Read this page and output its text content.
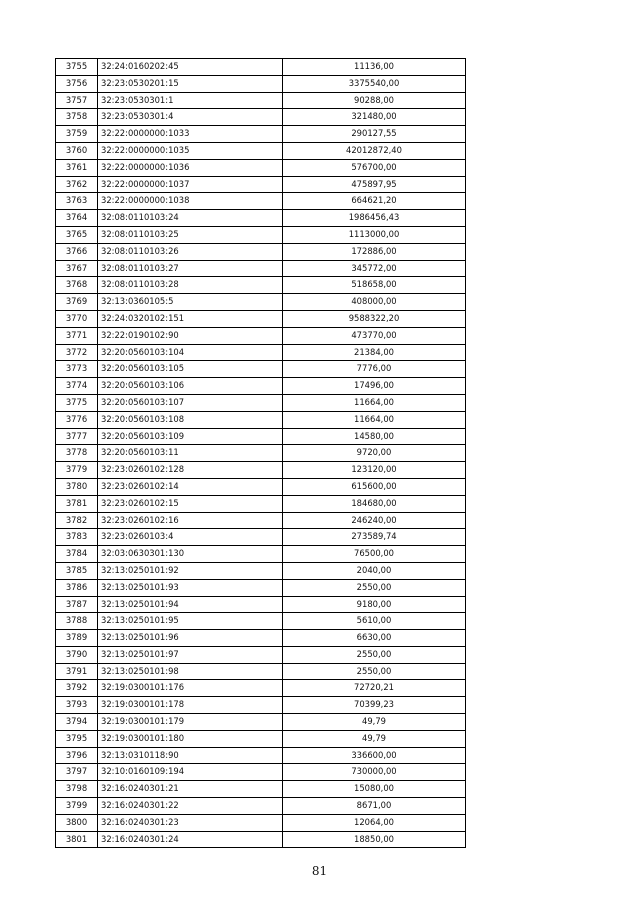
3755	32:24:0160202:45	11136,00
3756	32:23:0530201:15	3375540,00
3757	32:23:0530301:1	90288,00
3758	32:23:0530301:4	321480,00
3759	32:22:0000000:1033	290127,55
3760	32:22:0000000:1035	42012872,40
3761	32:22:0000000:1036	576700,00
3762	32:22:0000000:1037	475897,95
3763	32:22:0000000:1038	664621,20
3764	32:08:0110103:24	1986456,43
3765	32:08:0110103:25	1113000,00
3766	32:08:0110103:26	172886,00
3767	32:08:0110103:27	345772,00
3768	32:08:0110103:28	518658,00
3769	32:13:0360105:5	408000,00
3770	32:24:0320102:151	9588322,20
3771	32:22:0190102:90	473770,00
3772	32:20:0560103:104	21384,00
3773	32:20:0560103:105	7776,00
3774	32:20:0560103:106	17496,00
3775	32:20:0560103:107	11664,00
3776	32:20:0560103:108	11664,00
3777	32:20:0560103:109	14580,00
3778	32:20:0560103:11	9720,00
3779	32:23:0260102:128	123120,00
3780	32:23:0260102:14	615600,00
3781	32:23:0260102:15	184680,00
3782	32:23:0260102:16	246240,00
3783	32:23:0260103:4	273589,74
3784	32:03:0630301:130	76500,00
3785	32:13:0250101:92	2040,00
3786	32:13:0250101:93	2550,00
3787	32:13:0250101:94	9180,00
3788	32:13:0250101:95	5610,00
3789	32:13:0250101:96	6630,00
3790	32:13:0250101:97	2550,00
3791	32:13:0250101:98	2550,00
3792	32:19:0300101:176	72720,21
3793	32:19:0300101:178	70399,23
3794	32:19:0300101:179	49,79
3795	32:19:0300101:180	49,79
3796	32:13:0310118:90	336600,00
3797	32:10:0160109:194	730000,00
3798	32:16:0240301:21	15080,00
3799	32:16:0240301:22	8671,00
3800	32:16:0240301:23	12064,00
3801	32:16:0240301:24	18850,00
81
